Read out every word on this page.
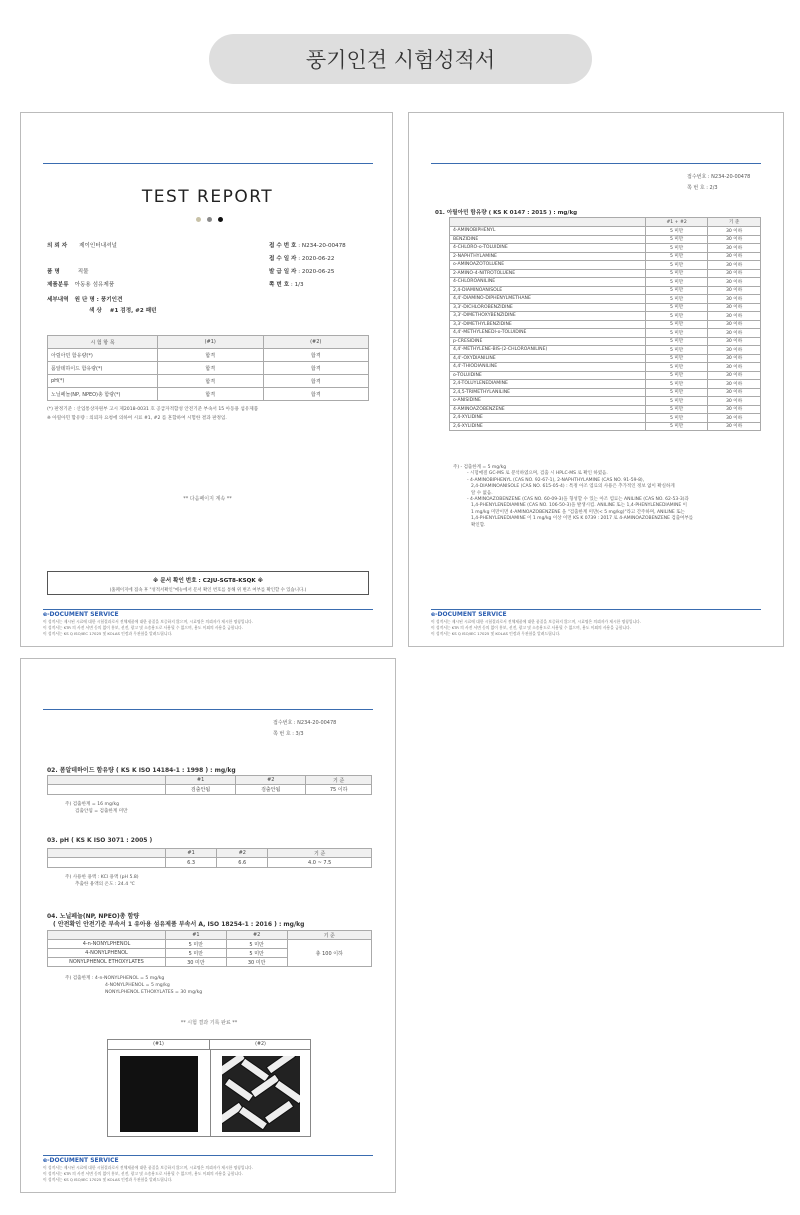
풍기인견 시험성적서
TEST REPORT
의 뢰 자 제이인터내셔널
품 명	직물
제품분류 아동용 섬유제품
세부내역 원 단 명 : 풍기인견
색 상 #1 검정, #2 패턴
접 수 번 호 : N234-20-00478
접 수 일 자 : 2020-06-22
발 급 일 자 : 2020-06-25
쪽 번 호 : 1/3
시 험 항 목	(#1)	(#2)
아릴아민 함유량(*)	합격	합격
폼알데하이드 함유량(*)	합격	합격
pH(*)	합격	합격
노닐페놀(NP, NPEO)총 함량(*)	합격	합격
(*) 판정기준 : 산업통상자원부 고시 제2018-0031 호 공급자적합성 안전기준 부속서 15 아동용 섬유제품
※ 아릴아민 함유량 : 의뢰자 요청에 의하여 시료 #1, #2 를 혼합하여 시험한 결과 판정임.
** 다음페이지 계속 **
※ 문서 확인 번호 : C2JU-SGT8-KSQK ※
(홈페이지에 접속 후 "성적서확인"메뉴에서 문서 확인 번호를 통해 위 변조 여부를 확인할 수 있습니다.)
e-DOCUMENT SERVICE
이 성적서는 제시된 시료에 대한 시험결과로서 전체제품에 대한 품질을 보증하지 않으며, 시료명은 의뢰자가 제시한 명칭입니다.
이 성적서는 KTR 의 사전 서면 동의 없이 홍보, 선전, 광고 및 소송용도로 사용될 수 없으며, 용도 이외의 사용을 금합니다.
이 성적서는 KS Q ISO/IEC 17025 및 KOLAS 인정과 무관함을 알려드립니다.
접수번호 : N234-20-00478
쪽 번 호 : 2/3
01. 아릴아민 함유량 ( KS K 0147 : 2015 ) : mg/kg
	#1 + #2	기 준
4-AMINOBIPHENYL	5 미만	30 이하
BENZIDINE	5 미만	30 이하
4-CHLORO-o-TOLUIDINE	5 미만	30 이하
2-NAPHTHYLAMINE	5 미만	30 이하
o-AMINOAZOTOLUENE	5 미만	30 이하
2-AMINO-4-NITROTOLUENE	5 미만	30 이하
4-CHLOROANILINE	5 미만	30 이하
2,4-DIAMINOANISOLE	5 미만	30 이하
4,4'-DIAMINO-DIPHENYLMETHANE	5 미만	30 이하
3,3'-DICHLOROBENZIDINE	5 미만	30 이하
3,3'-DIMETHOXYBENZIDINE	5 미만	30 이하
3,3'-DIMETHYLBENZIDINE	5 미만	30 이하
4,4'-METHYLENEDI-o-TOLUIDINE	5 미만	30 이하
p-CRESIDINE	5 미만	30 이하
4,4'-METHYLENE-BIS-(2-CHLOROANILINE)	5 미만	30 이하
4,4'-OXYDIANILINE	5 미만	30 이하
4,4'-THIODIANILINE	5 미만	30 이하
o-TOLUIDINE	5 미만	30 이하
2,4-TOLUYLENEDIAMINE	5 미만	30 이하
2,4,5-TRIMETHYLANILINE	5 미만	30 이하
o-ANISIDINE	5 미만	30 이하
4-AMINOAZOBENZENE	5 미만	30 이하
2,4-XYLIDINE	5 미만	30 이하
2,6-XYLIDINE	5 미만	30 이하
주) - 검출한계 = 5 mg/kg
- 시험매질 GC-MS 로 분석하였으며, 검출 시 HPLC-MS 로 확인 하였음.
- 4-AMINOBIPHENYL (CAS NO. 92-67-1), 2-NAPHTHYLAMINE (CAS NO. 91-59-8),
2,4-DIAMINOANISOLE (CAS NO. 615-05-4) : 특정 아조 염료의 사용은 추가적인 정보 없이 확실하게
알 수 없음.
- 4-AMINOAZOBENZENE (CAS NO. 60-09-3)을 형성할 수 있는 아조 염료는 ANILINE (CAS NO. 62-53-3)과
1,4-PHENYLENEDIAMINE (CAS NO. 106-50-3)을 발생시킴. ANILINE 또는 1,4-PHENYLENEDIAMINE 이
1 mg/kg 미만이면 4-AMINOAZOBENZENE 을 "검출한계 미만(< 5 mg/kg)"라고 간주하며, ANILINE 또는
1,4-PHENYLENEDIAMINE 이 1 mg/kg 이상 이면 KS K 0739 : 2017 로 4-AMINOAZOBENZENE 검출여부를
확인함.
e-DOCUMENT SERVICE
이 성적서는 제시된 시료에 대한 시험결과로서 전체제품에 대한 품질을 보증하지 않으며, 시료명은 의뢰자가 제시한 명칭입니다.
이 성적서는 KTR 의 사전 서면 동의 없이 홍보, 선전, 광고 및 소송용도로 사용될 수 없으며, 용도 이외의 사용을 금합니다.
이 성적서는 KS Q ISO/IEC 17025 및 KOLAS 인정과 무관함을 알려드립니다.
접수번호 : N234-20-00478
쪽 번 호 : 3/3
02. 폼알데하이드 함유량 ( KS K ISO 14184-1 : 1998 ) : mg/kg
	#1	#2	기 준
	검출안됨	검출안됨	75 이하
주) 검출한계 = 16 mg/kg
검출안됨 = 검출한계 미만
03. pH ( KS K ISO 3071 : 2005 )
	#1	#2	기 준
	6.3	6.6	4.0 ~ 7.5
주) 사용한 용액 : KCl 용액 (pH 5.8)
추출한 용액의 온도 : 24.4 ℃
04. 노닐페놀(NP, NPEO)총 함량
( 안전확인 안전기준 부속서 1 유아용 섬유제품 부속서 A, ISO 18254-1 : 2016 ) : mg/kg
	#1	#2	기 준
4-n-NONYLPHENOL	5 미만	5 미만	총 100 이하
4-NONYLPHENOL	5 미만	5 미만	
NONYLPHENOL ETHOXYLATES	30 미만	30 미만	
주) 검출한계 : 4-n-NONYLPHENOL = 5 mg/kg
4-NONYLPHENOL = 5 mg/kg
NONYLPHENOL ETHOXYLATES = 30 mg/kg
** 시험 결과 기록 완료 **
(#1)	(#2)
e-DOCUMENT SERVICE
이 성적서는 제시된 시료에 대한 시험결과로서 전체제품에 대한 품질을 보증하지 않으며, 시료명은 의뢰자가 제시한 명칭입니다.
이 성적서는 KTR 의 사전 서면 동의 없이 홍보, 선전, 광고 및 소송용도로 사용될 수 없으며, 용도 이외의 사용을 금합니다.
이 성적서는 KS Q ISO/IEC 17025 및 KOLAS 인정과 무관함을 알려드립니다.
